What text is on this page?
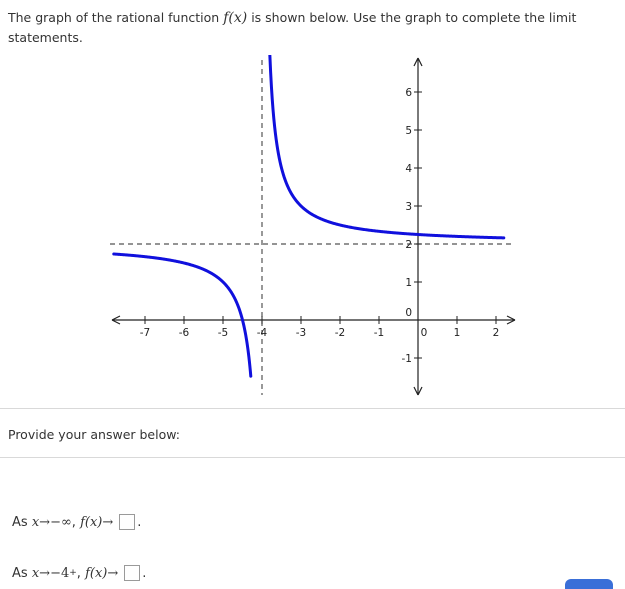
The graph of the rational function f(x) is shown below. Use the graph to complete the limit statements.
-7	-6	-5	-4	-3	-2	-1	0	1	2
-1
0
1
2
3
4
5
6
Provide your answer below:
As
x → −∞ ,
f(x) → .
As
x → −4 + ,
f(x) → .
